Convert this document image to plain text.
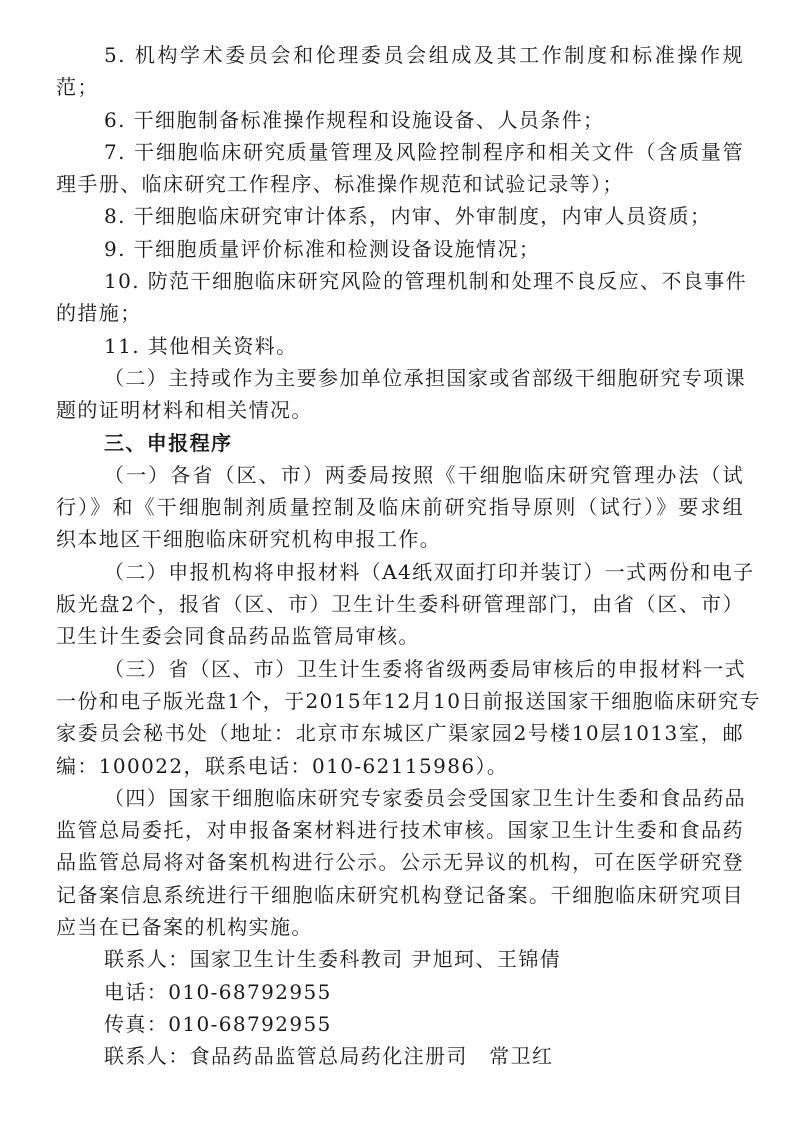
5. 机构学术委员会和伦理委员会组成及其工作制度和标准操作规
范；
6. 干细胞制备标准操作规程和设施设备、人员条件；
7. 干细胞临床研究质量管理及风险控制程序和相关文件（含质量管
理手册、临床研究工作程序、标准操作规范和试验记录等）；
8. 干细胞临床研究审计体系，内审、外审制度，内审人员资质；
9. 干细胞质量评价标准和检测设备设施情况；
10. 防范干细胞临床研究风险的管理机制和处理不良反应、不良事件
的措施；
11. 其他相关资料。
（二）主持或作为主要参加单位承担国家或省部级干细胞研究专项课
题的证明材料和相关情况。
三、申报程序
（一）各省（区、市）两委局按照《干细胞临床研究管理办法（试
行）》和《干细胞制剂质量控制及临床前研究指导原则（试行）》要求组
织本地区干细胞临床研究机构申报工作。
（二）申报机构将申报材料（A4纸双面打印并装订）一式两份和电子
版光盘2个，报省（区、市）卫生计生委科研管理部门，由省（区、市）
卫生计生委会同食品药品监管局审核。
（三）省（区、市）卫生计生委将省级两委局审核后的申报材料一式
一份和电子版光盘1个，于2015年12月10日前报送国家干细胞临床研究专
家委员会秘书处（地址：北京市东城区广渠家园2号楼10层1013室，邮
编：100022，联系电话：010-62115986）。
（四）国家干细胞临床研究专家委员会受国家卫生计生委和食品药品
监管总局委托，对申报备案材料进行技术审核。国家卫生计生委和食品药
品监管总局将对备案机构进行公示。公示无异议的机构，可在医学研究登
记备案信息系统进行干细胞临床研究机构登记备案。干细胞临床研究项目
应当在已备案的机构实施。
联系人：国家卫生计生委科教司 尹旭珂、王锦倩
电话：010-68792955
传真：010-68792955
联系人：食品药品监管总局药化注册司　常卫红
